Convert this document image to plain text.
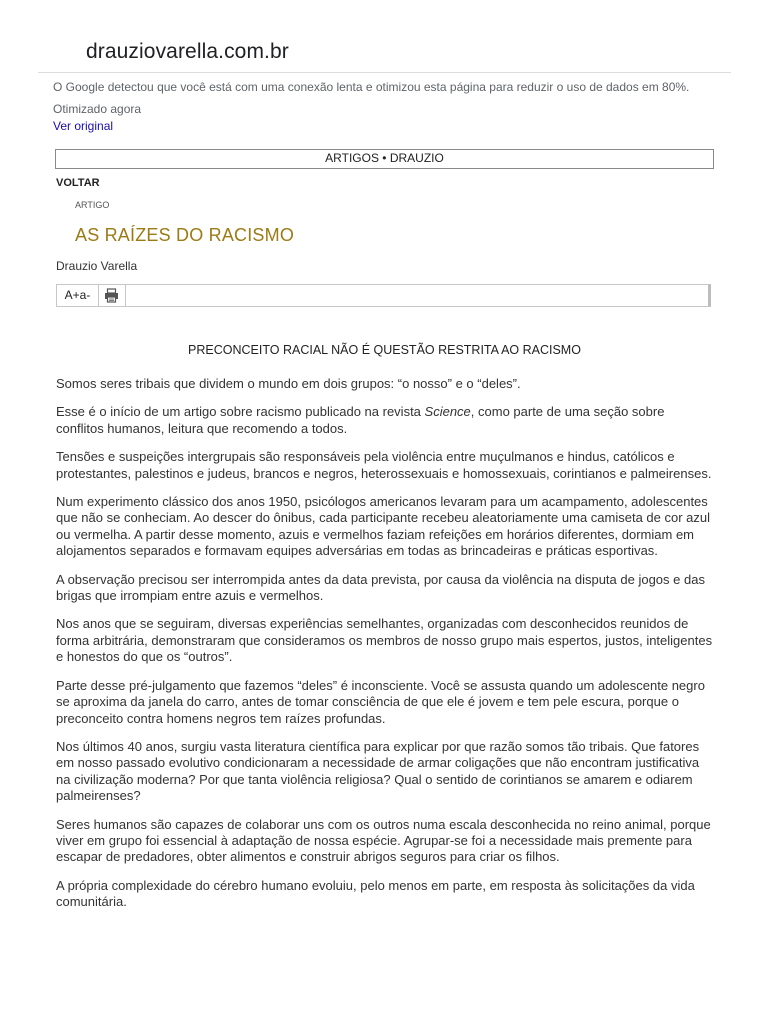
drauziovarella.com.br
O Google detectou que você está com uma conexão lenta e otimizou esta página para reduzir o uso de dados em 80%.
Otimizado agora
Ver original
ARTIGOS • DRAUZIO
VOLTAR
ARTIGO
AS RAÍZES DO RACISMO
Drauzio Varella
A+a-
PRECONCEITO RACIAL NÃO É QUESTÃO RESTRITA AO RACISMO

Somos seres tribais que dividem o mundo em dois grupos: “o nosso” e o “deles”.

Esse é o início de um artigo sobre racismo publicado na revista Science, como parte de uma seção sobre conflitos humanos, leitura que recomendo a todos.

Tensões e suspeições intergrupais são responsáveis pela violência entre muçulmanos e hindus, católicos e protestantes, palestinos e judeus, brancos e negros, heterossexuais e homossexuais, corintianos e palmeirenses.

Num experimento clássico dos anos 1950, psicólogos americanos levaram para um acampamento, adolescentes que não se conheciam. Ao descer do ônibus, cada participante recebeu aleatoriamente uma camiseta de cor azul ou vermelha. A partir desse momento, azuis e vermelhos faziam refeições em horários diferentes, dormiam em alojamentos separados e formavam equipes adversárias em todas as brincadeiras e práticas esportivas.

A observação precisou ser interrompida antes da data prevista, por causa da violência na disputa de jogos e das brigas que irrompiam entre azuis e vermelhos.

Nos anos que se seguiram, diversas experiências semelhantes, organizadas com desconhecidos reunidos de forma arbitrária, demonstraram que consideramos os membros de nosso grupo mais espertos, justos, inteligentes e honestos do que os “outros”.

Parte desse pré-julgamento que fazemos “deles” é inconsciente. Você se assusta quando um adolescente negro se aproxima da janela do carro, antes de tomar consciência de que ele é jovem e tem pele escura, porque o preconceito contra homens negros tem raízes profundas.

Nos últimos 40 anos, surgiu vasta literatura científica para explicar por que razão somos tão tribais. Que fatores em nosso passado evolutivo condicionaram a necessidade de armar coligações que não encontram justificativa na civilização moderna? Por que tanta violência religiosa? Qual o sentido de corintianos se amarem e odiarem palmeirenses?

Seres humanos são capazes de colaborar uns com os outros numa escala desconhecida no reino animal, porque viver em grupo foi essencial à adaptação de nossa espécie. Agrupar-se foi a necessidade mais premente para escapar de predadores, obter alimentos e construir abrigos seguros para criar os filhos.

A própria complexidade do cérebro humano evoluiu, pelo menos em parte, em resposta às solicitações da vida comunitária.
